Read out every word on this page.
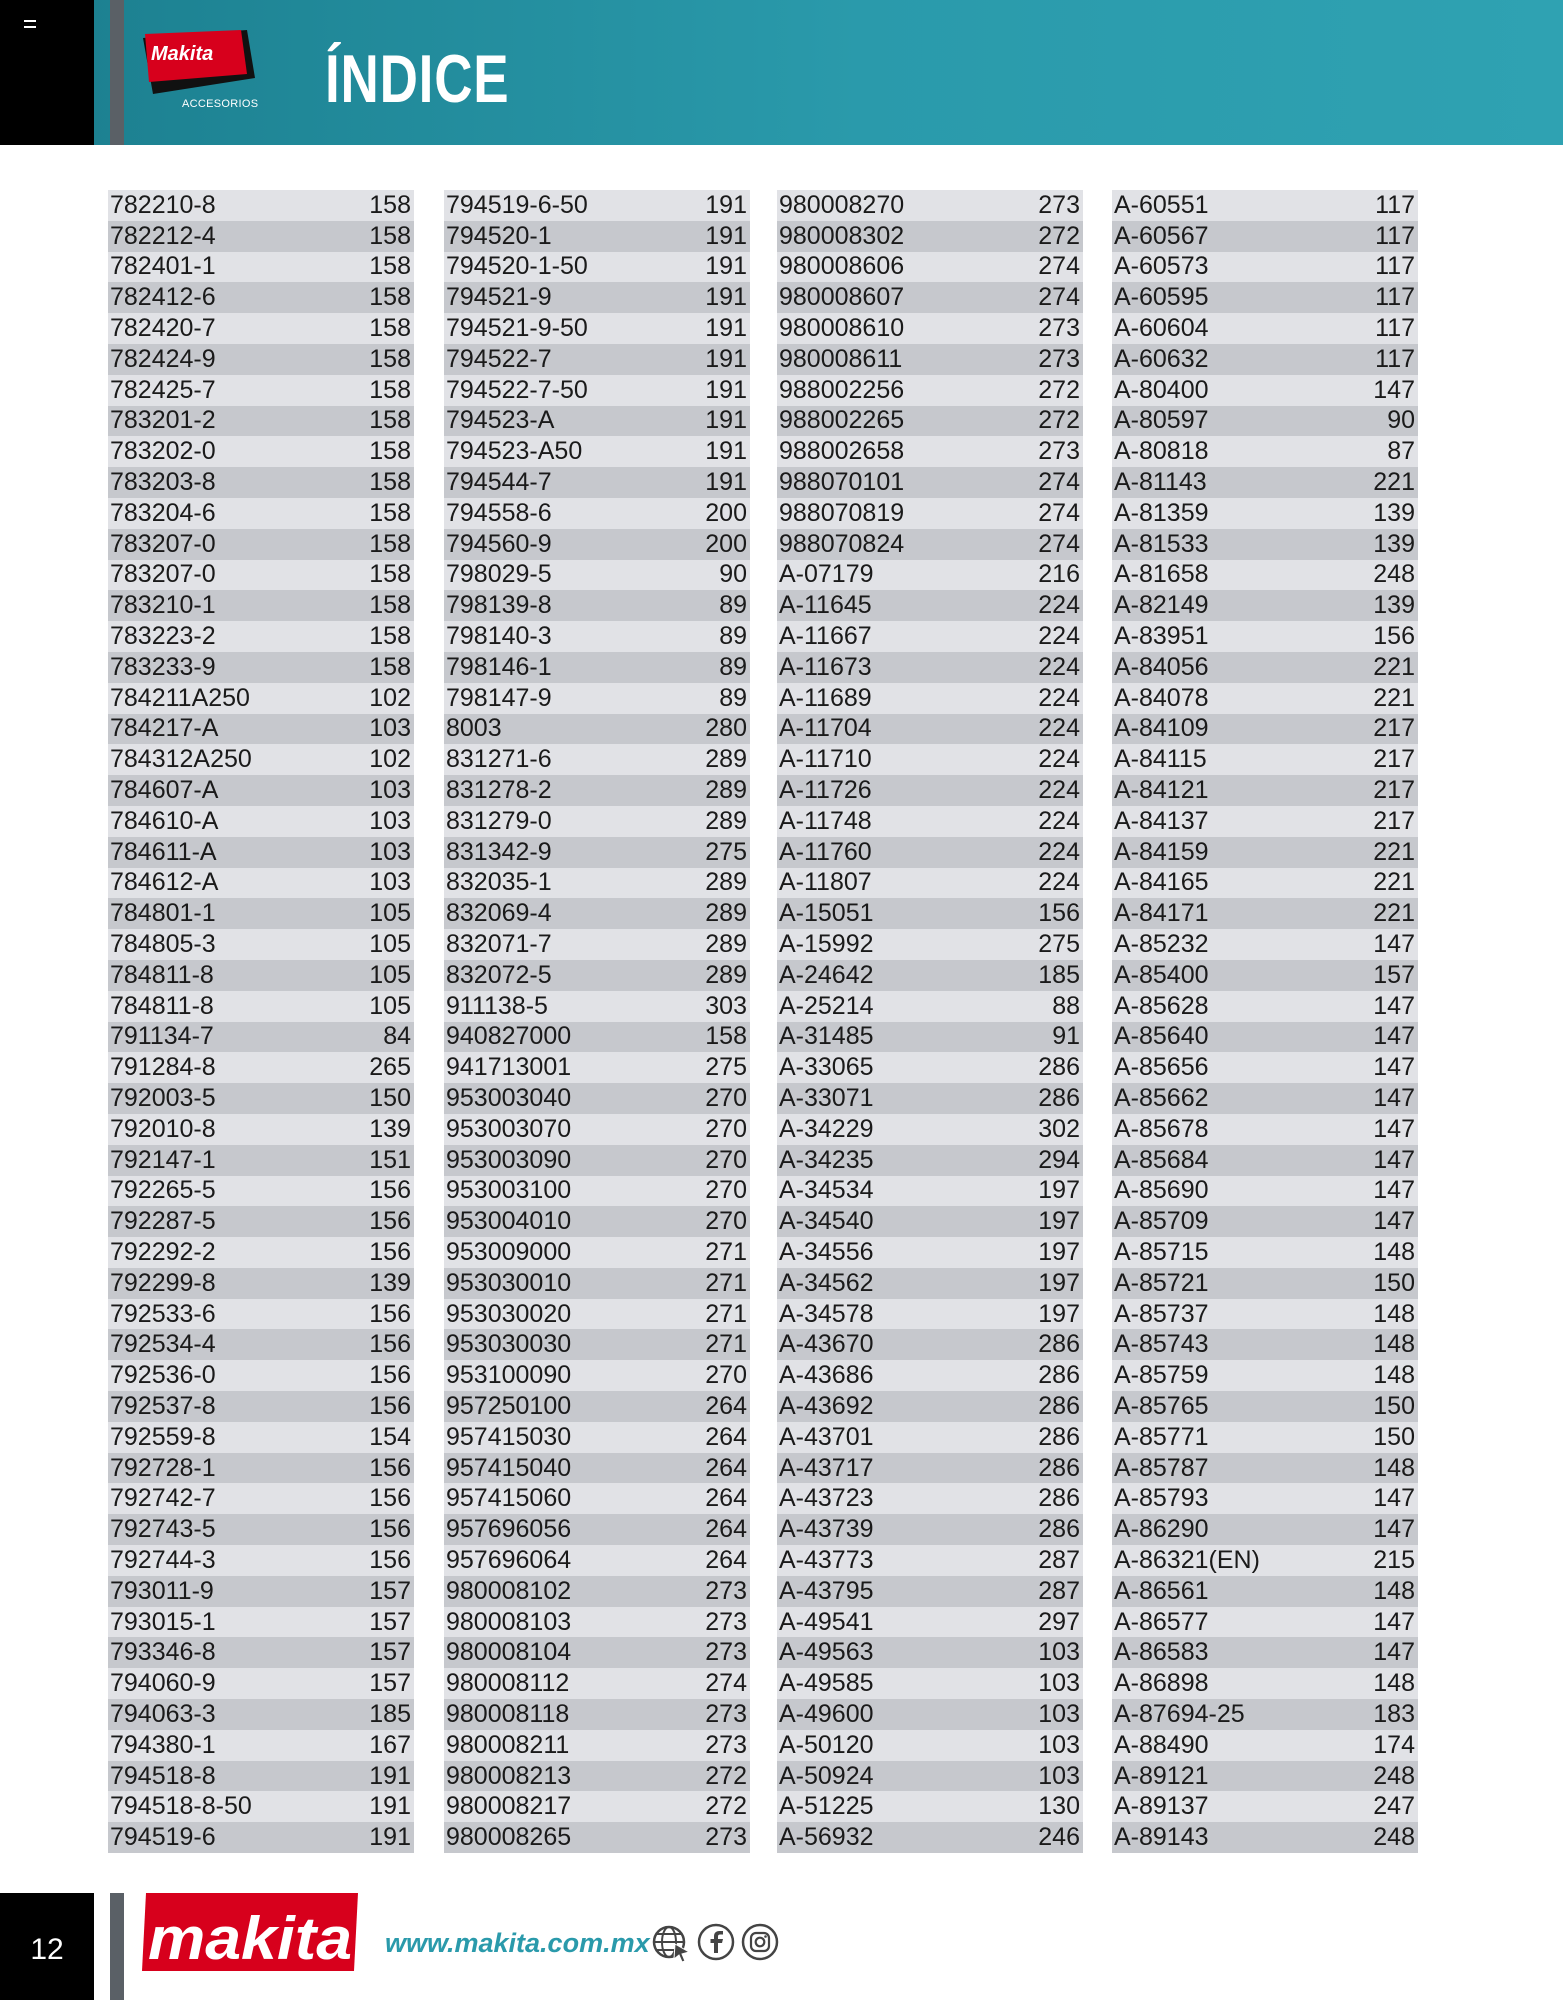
Makita
ACCESORIOS ÍNDICE
782210-8	158
782212-4	158
782401-1	158
782412-6	158
782420-7	158
782424-9	158
782425-7	158
783201-2	158
783202-0	158
783203-8	158
783204-6	158
783207-0	158
783207-0	158
783210-1	158
783223-2	158
783233-9	158
784211A250	102
784217-A	103
784312A250	102
784607-A	103
784610-A	103
784611-A	103
784612-A	103
784801-1	105
784805-3	105
784811-8	105
784811-8	105
791134-7	84
791284-8	265
792003-5	150
792010-8	139
792147-1	151
792265-5	156
792287-5	156
792292-2	156
792299-8	139
792533-6	156
792534-4	156
792536-0	156
792537-8	156
792559-8	154
792728-1	156
792742-7	156
792743-5	156
792744-3	156
793011-9	157
793015-1	157
793346-8	157
794060-9	157
794063-3	185
794380-1	167
794518-8	191
794518-8-50	191
794519-6	191
794519-6-50	191
794520-1	191
794520-1-50	191
794521-9	191
794521-9-50	191
794522-7	191
794522-7-50	191
794523-A	191
794523-A50	191
794544-7	191
794558-6	200
794560-9	200
798029-5	90
798139-8	89
798140-3	89
798146-1	89
798147-9	89
8003	280
831271-6	289
831278-2	289
831279-0	289
831342-9	275
832035-1	289
832069-4	289
832071-7	289
832072-5	289
911138-5	303
940827000	158
941713001	275
953003040	270
953003070	270
953003090	270
953003100	270
953004010	270
953009000	271
953030010	271
953030020	271
953030030	271
953100090	270
957250100	264
957415030	264
957415040	264
957415060	264
957696056	264
957696064	264
980008102	273
980008103	273
980008104	273
980008112	274
980008118	273
980008211	273
980008213	272
980008217	272
980008265	273
980008270	273
980008302	272
980008606	274
980008607	274
980008610	273
980008611	273
988002256	272
988002265	272
988002658	273
988070101	274
988070819	274
988070824	274
A-07179	216
A-11645	224
A-11667	224
A-11673	224
A-11689	224
A-11704	224
A-11710	224
A-11726	224
A-11748	224
A-11760	224
A-11807	224
A-15051	156
A-15992	275
A-24642	185
A-25214	88
A-31485	91
A-33065	286
A-33071	286
A-34229	302
A-34235	294
A-34534	197
A-34540	197
A-34556	197
A-34562	197
A-34578	197
A-43670	286
A-43686	286
A-43692	286
A-43701	286
A-43717	286
A-43723	286
A-43739	286
A-43773	287
A-43795	287
A-49541	297
A-49563	103
A-49585	103
A-49600	103
A-50120	103
A-50924	103
A-51225	130
A-56932	246
A-60551	117
A-60567	117
A-60573	117
A-60595	117
A-60604	117
A-60632	117
A-80400	147
A-80597	90
A-80818	87
A-81143	221
A-81359	139
A-81533	139
A-81658	248
A-82149	139
A-83951	156
A-84056	221
A-84078	221
A-84109	217
A-84115	217
A-84121	217
A-84137	217
A-84159	221
A-84165	221
A-84171	221
A-85232	147
A-85400	157
A-85628	147
A-85640	147
A-85656	147
A-85662	147
A-85678	147
A-85684	147
A-85690	147
A-85709	147
A-85715	148
A-85721	150
A-85737	148
A-85743	148
A-85759	148
A-85765	150
A-85771	150
A-85787	148
A-85793	147
A-86290	147
A-86321(EN)	215
A-86561	148
A-86577	147
A-86583	147
A-86898	148
A-87694-25	183
A-88490	174
A-89121	248
A-89137	247
A-89143	248
12	makita www.makita.com.mx
